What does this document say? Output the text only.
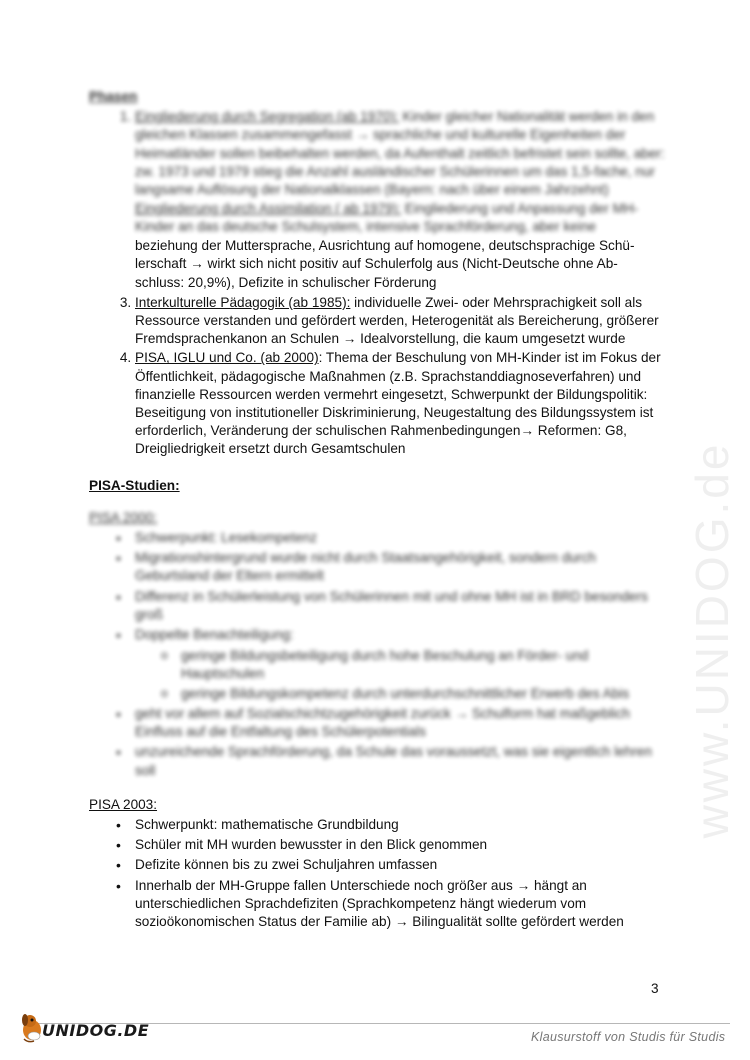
www.UNIDOG.de
Phasen
1. Eingliederung durch Segregation (ab 1970): Kinder gleicher Nationalität werden in den gleichen Klassen zusammengefasst → sprachliche und kulturelle Eigenheiten der Heimatländer sollen beibehalten werden, da Aufenthalt zeitlich befristet sein sollte, aber: zw. 1973 und 1979 stieg die Anzahl ausländischer Schülerinnen um das 1,5-fache, nur langsame Auflösung der Nationalklassen (Bayern: nach über einem Jahrzehnt)
2. Eingliederung durch Assimilation ( ab 1979): Eingliederung und Anpassung der MH-Kinder an das deutsche Schulsystem, intensive Sprachförderung, aber keine
beziehung der Muttersprache, Ausrichtung auf homogene, deutschsprachige Schü-
lerschaft → wirkt sich nicht positiv auf Schulerfolg aus (Nicht-Deutsche ohne Ab-
schluss: 20,9%), Defizite in schulischer Förderung
3. Interkulturelle Pädagogik (ab 1985): individuelle Zwei- oder Mehrsprachigkeit soll als Ressource verstanden und gefördert werden, Heterogenität als Bereicherung, größerer Fremdsprachenkanon an Schulen → Idealvorstellung, die kaum umgesetzt wurde
4. PISA, IGLU und Co. (ab 2000): Thema der Beschulung von MH-Kinder ist im Fokus der Öffentlichkeit, pädagogische Maßnahmen (z.B. Sprachstanddiagnoseverfahren) und finanzielle Ressourcen werden vermehrt eingesetzt, Schwerpunkt der Bildungspolitik: Beseitigung von institutioneller Diskriminierung, Neugestaltung des Bildungssystem ist erforderlich, Veränderung der schulischen Rahmenbedingungen→ Reformen: G8, Dreigliedrigkeit ersetzt durch Gesamtschulen
PISA-Studien:
PISA 2000:
• Schwerpunkt: Lesekompetenz
• Migrationshintergrund wurde nicht durch Staatsangehörigkeit, sondern durch Geburtsland der Eltern ermittelt
• Differenz in Schülerleistung von Schülerinnen mit und ohne MH ist in BRD besonders groß
• Doppelte Benachteiligung:
o geringe Bildungsbeteiligung durch hohe Beschulung an Förder- und Hauptschulen
o geringe Bildungskompetenz durch unterdurchschnittlicher Erwerb des Abis
• geht vor allem auf Sozialschichtzugehörigkeit zurück → Schulform hat maßgeblich Einfluss auf die Entfaltung des Schülerpotentials
• unzureichende Sprachförderung, da Schule das voraussetzt, was sie eigentlich lehren soll
PISA 2003:
• Schwerpunkt: mathematische Grundbildung
• Schüler mit MH wurden bewusster in den Blick genommen
• Defizite können bis zu zwei Schuljahren umfassen
• Innerhalb der MH-Gruppe fallen Unterschiede noch größer aus → hängt an unterschiedlichen Sprachdefiziten (Sprachkompetenz hängt wiederum vom sozioökonomischen Status der Familie ab) → Bilingualität sollte gefördert werden
3
UNIDOG.DE	Klausurstoff von Studis für Studis
